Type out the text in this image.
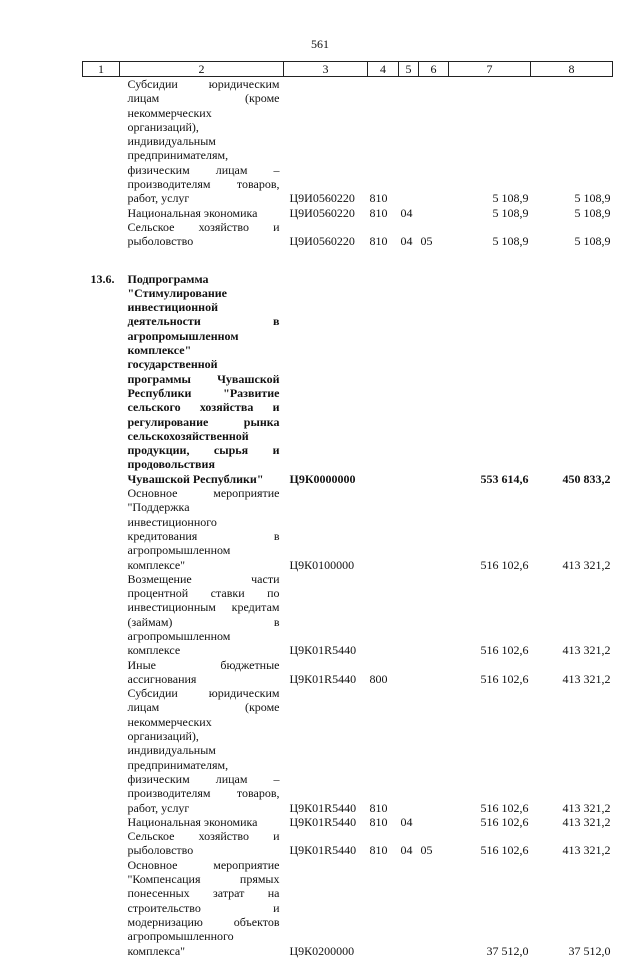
561
1	2	3	4	5	6	7	8
	Субсидии юридическим лицам (кроме некоммерческих организаций), индивидуальным предпринимателям, физическим лицам – производителям товаров, работ, услуг	Ц9И0560220	810			5 108,9	5 108,9
	Национальная экономика	Ц9И0560220	810	04		5 108,9	5 108,9
	Сельское хозяйство и рыболовство	Ц9И0560220	810	04	05	5 108,9	5 108,9
13.6.	Подпрограмма "Стимулирование инвестиционной деятельности в агропромышленном комплексе" государственной программы Чувашской Республики "Развитие сельского хозяйства и регулирование рынка сельскохозяйственной продукции, сырья и продовольствия Чувашской Республики"	Ц9К0000000				553 614,6	450 833,2
	Основное мероприятие "Поддержка инвестиционного кредитования в агропромышленном комплексе"	Ц9К0100000				516 102,6	413 321,2
	Возмещение части процентной ставки по инвестиционным кредитам (займам) в агропромышленном комплексе	Ц9К01R5440				516 102,6	413 321,2
	Иные бюджетные ассигнования	Ц9К01R5440	800			516 102,6	413 321,2
	Субсидии юридическим лицам (кроме некоммерческих организаций), индивидуальным предпринимателям, физическим лицам – производителям товаров, работ, услуг	Ц9К01R5440	810			516 102,6	413 321,2
	Национальная экономика	Ц9К01R5440	810	04		516 102,6	413 321,2
	Сельское хозяйство и рыболовство	Ц9К01R5440	810	04	05	516 102,6	413 321,2
	Основное мероприятие "Компенсация прямых понесенных затрат на строительство и модернизацию объектов агропромышленного комплекса"	Ц9К0200000				37 512,0	37 512,0
